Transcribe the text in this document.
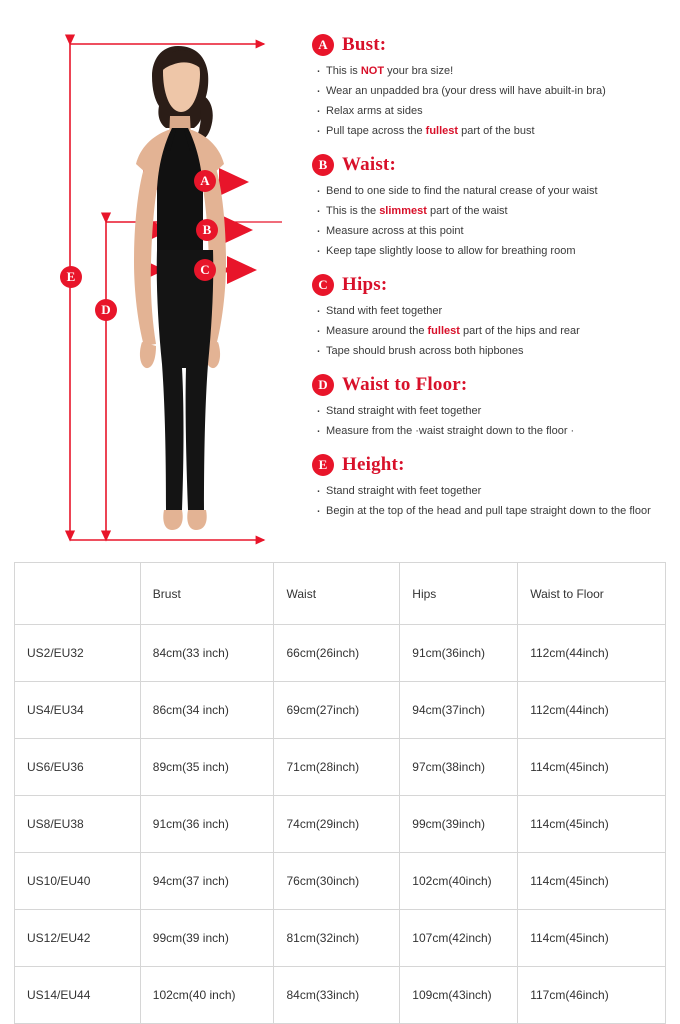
A
B
C
D
E
A Bust:
· This is NOT your bra size!
· Wear an unpadded bra (your dress will have abuilt-in bra)
· Relax arms at sides
· Pull tape across the fullest part of the bust
B Waist:
· Bend to one side to find the natural crease of your waist
· This is the slimmest part of the waist
· Measure across at this point
· Keep tape slightly loose to allow for breathing room
C Hips:
· Stand with feet together
· Measure around the fullest part of the hips and rear
· Tape should brush across both hipbones
D Waist to Floor:
· Stand straight with feet together
· Measure from the ·waist straight down to the floor ·
E Height:
· Stand straight with feet together
· Begin at the top of the head and pull tape straight down to the floor
	Brust	Waist	Hips	Waist to Floor
US2/EU32	84cm(33 inch)	66cm(26inch)	91cm(36inch)	112cm(44inch)
US4/EU34	86cm(34 inch)	69cm(27inch)	94cm(37inch)	112cm(44inch)
US6/EU36	89cm(35 inch)	71cm(28inch)	97cm(38inch)	114cm(45inch)
US8/EU38	91cm(36 inch)	74cm(29inch)	99cm(39inch)	114cm(45inch)
US10/EU40	94cm(37 inch)	76cm(30inch)	102cm(40inch)	114cm(45inch)
US12/EU42	99cm(39 inch)	81cm(32inch)	107cm(42inch)	114cm(45inch)
US14/EU44	102cm(40 inch)	84cm(33inch)	109cm(43inch)	117cm(46inch)
